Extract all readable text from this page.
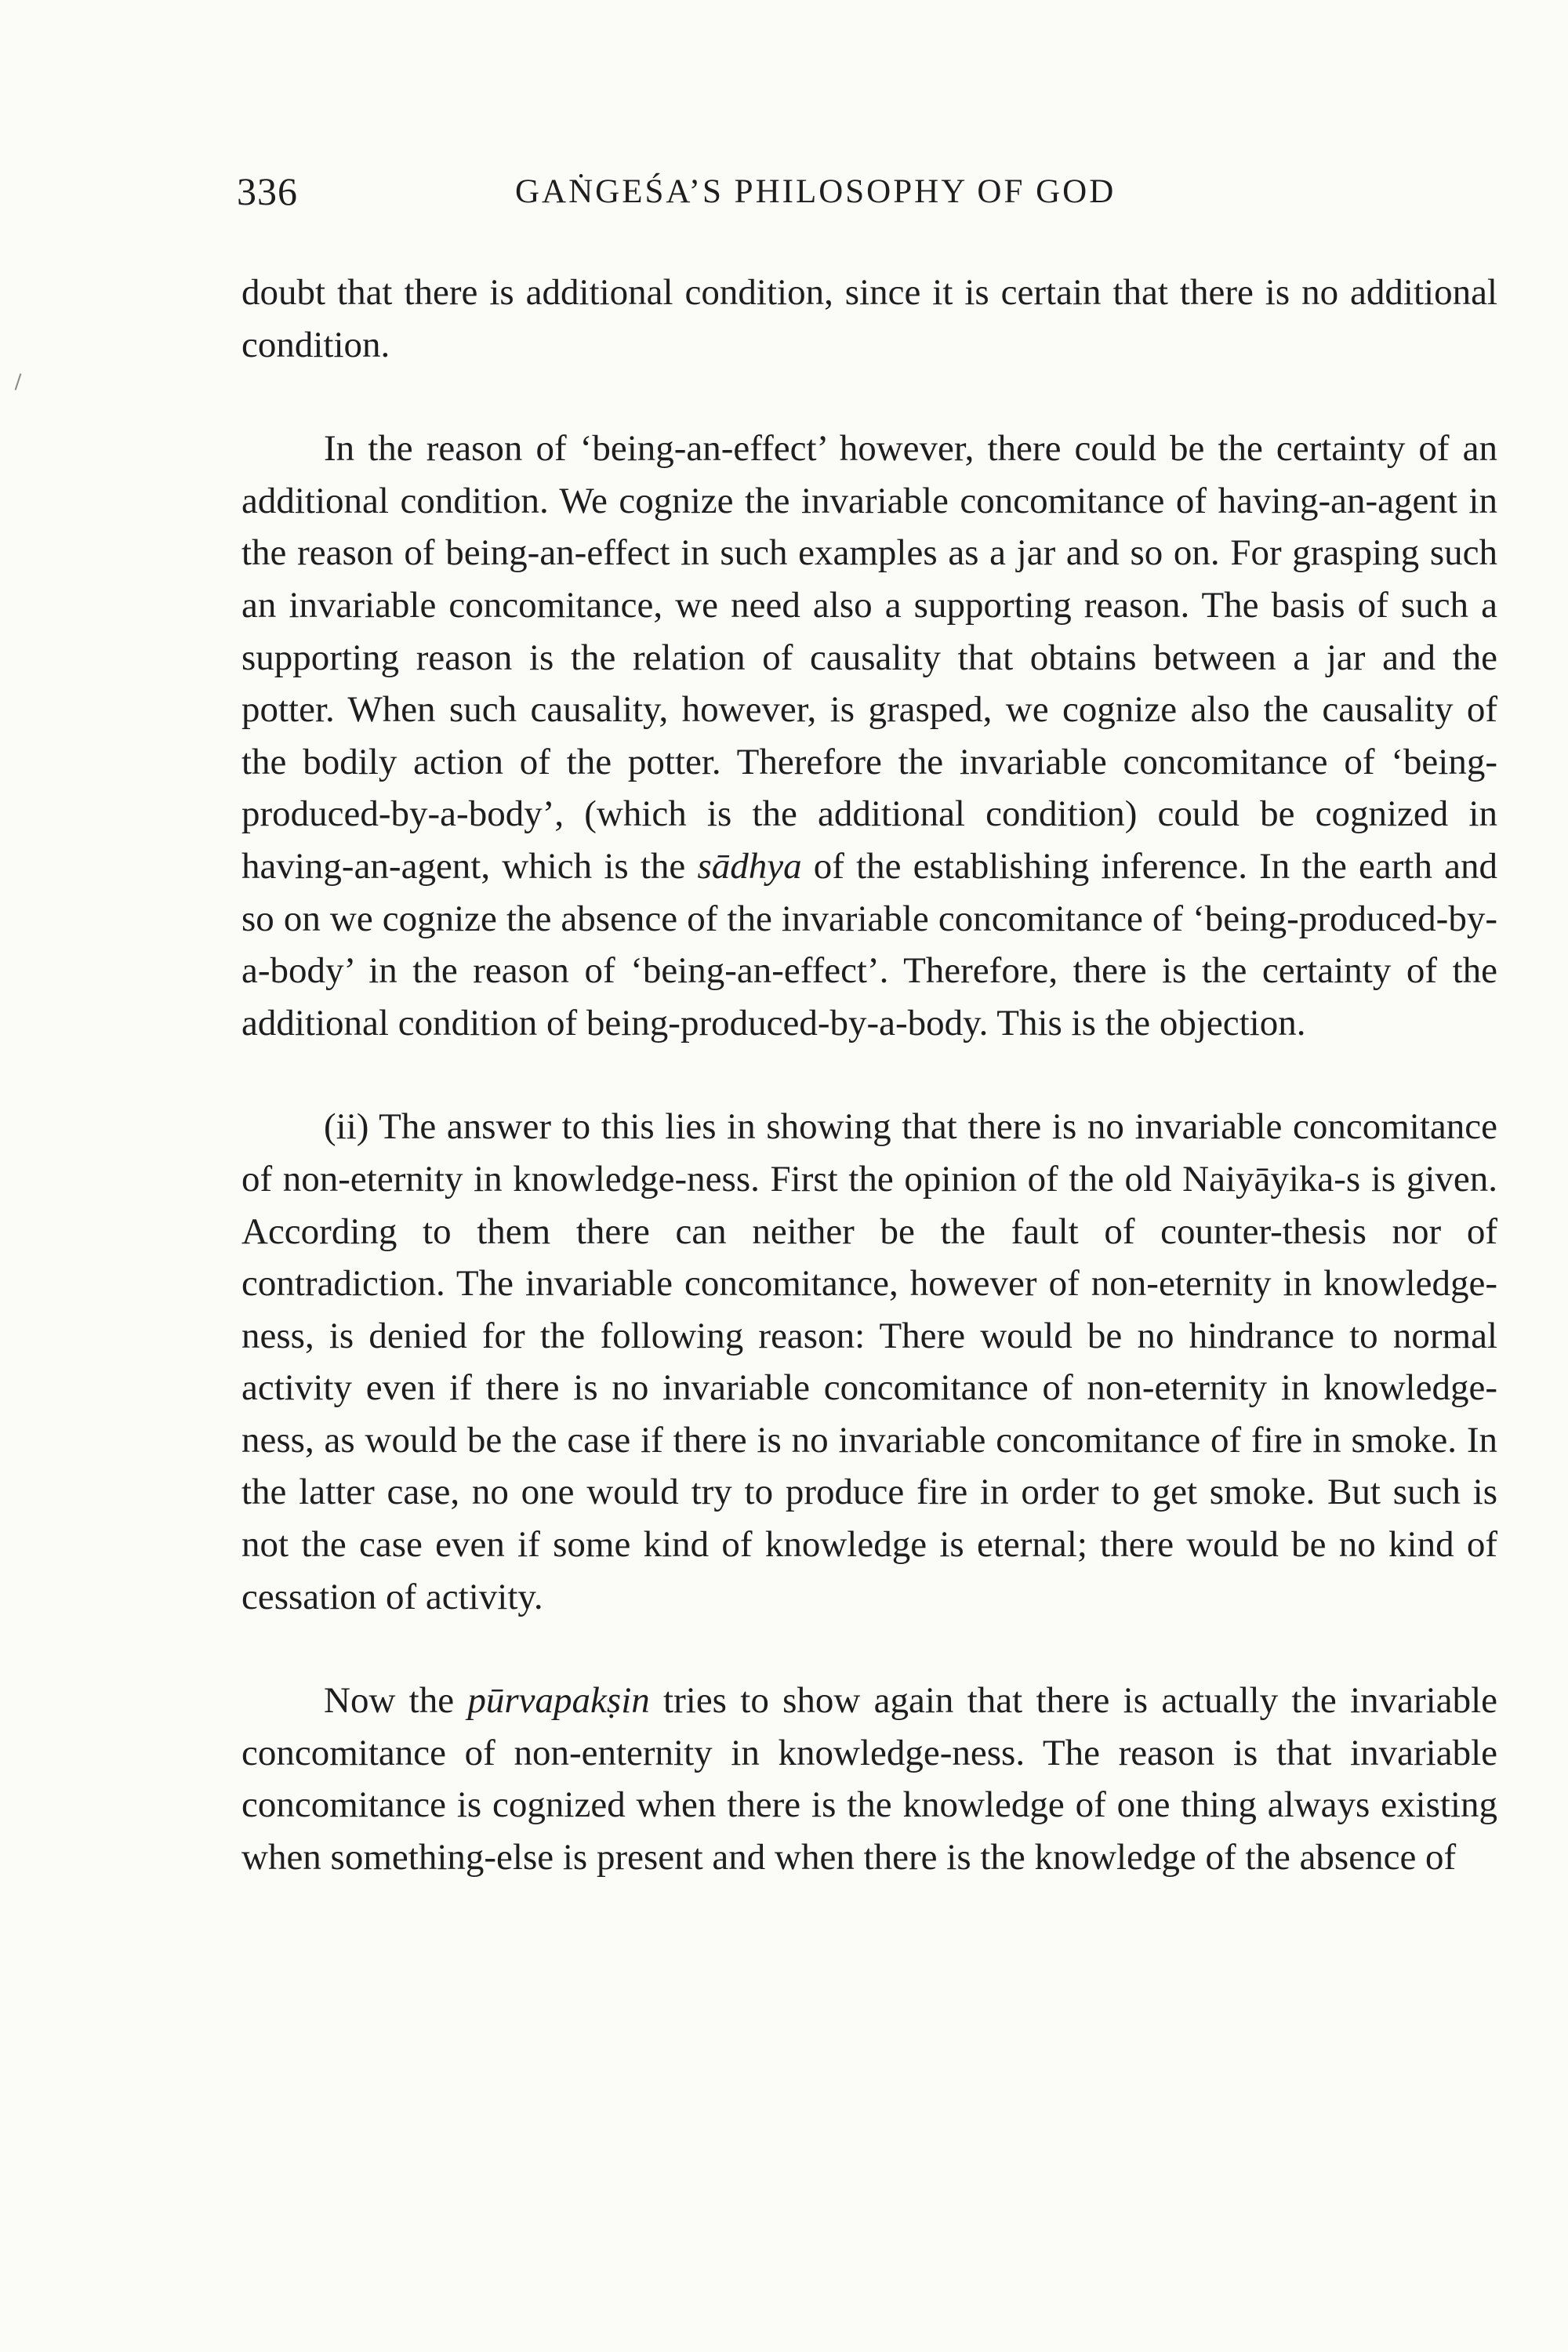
336	GAṄGEŚA’S PHILOSOPHY OF GOD

doubt that there is additional condition, since it is certain that there is no additional condition.

In the reason of ‘being-an-effect’ however, there could be the certainty of an additional condition. We cognize the invariable concomitance of having-an-agent in the reason of being-an-effect in such examples as a jar and so on. For grasping such an invariable concomitance, we need also a supporting reason. The basis of such a supporting reason is the relation of causality that obtains between a jar and the potter. When such causality, however, is grasped, we cognize also the causality of the bodily action of the potter. Therefore the invariable concomitance of ‘being-produced-by-a-body’, (which is the additional condition) could be cognized in having-an-agent, which is the sādhya of the establishing inference. In the earth and so on we cognize the absence of the invariable concomitance of ‘being-produced-by-a-body’ in the reason of ‘being-an-effect’. Therefore, there is the certainty of the additional condition of being-produced-by-a-body. This is the objection.

(ii) The answer to this lies in showing that there is no invariable concomitance of non-eternity in knowledge-ness. First the opinion of the old Naiyāyika-s is given. According to them there can neither be the fault of counter-thesis nor of contradiction. The invariable concomitance, however of non-eternity in knowledge-ness, is denied for the following reason: There would be no hindrance to normal activity even if there is no invariable concomitance of non-eternity in knowledge-ness, as would be the case if there is no invariable concomitance of fire in smoke. In the latter case, no one would try to produce fire in order to get smoke. But such is not the case even if some kind of knowledge is eternal; there would be no kind of cessation of activity.

Now the pūrvapakṣin tries to show again that there is actually the invariable concomitance of non-enternity in knowledge-ness. The reason is that invariable concomitance is cognized when there is the knowledge of one thing always existing when something-else is present and when there is the knowledge of the absence of
